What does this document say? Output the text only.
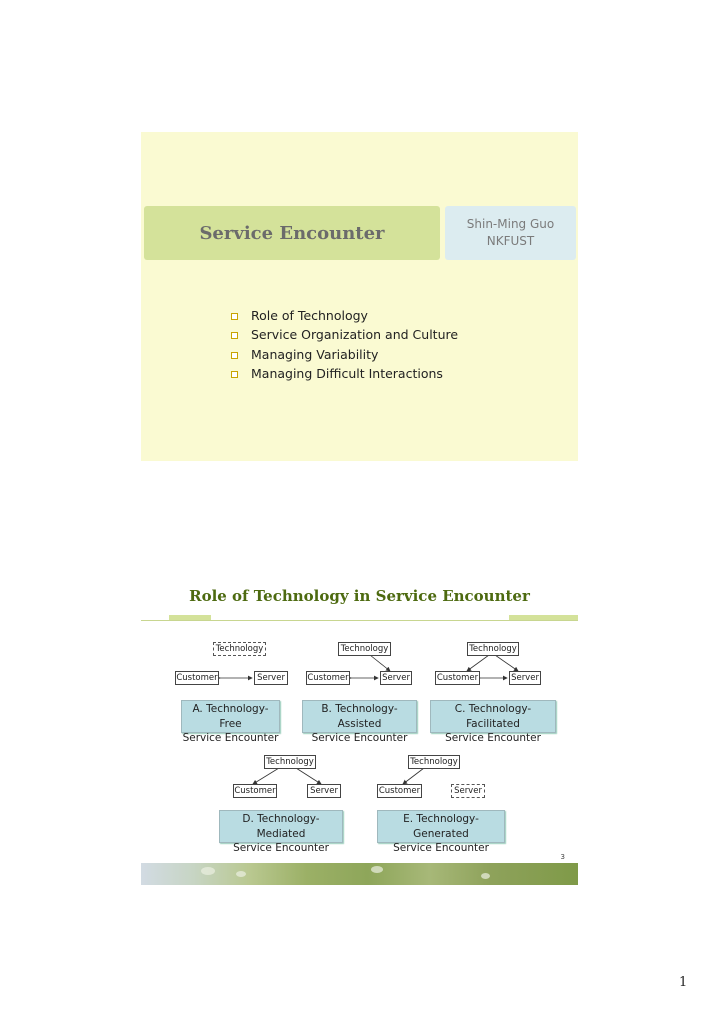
Service Encounter	Shin-Ming Guo
NKFUST
Role of Technology
Service Organization and Culture
Managing Variability
Managing Difficult Interactions
Role of Technology in Service Encounter
Technology
Customer	Server
A. Technology-Free
Service Encounter
Technology
Customer	Server
B. Technology-Assisted
Service Encounter
Technology
Customer	Server
C. Technology-Facilitated
Service Encounter
Technology
Customer	Server
D. Technology-Mediated
Service Encounter
Technology
Customer	Server
E. Technology-Generated
Service Encounter
3
1
